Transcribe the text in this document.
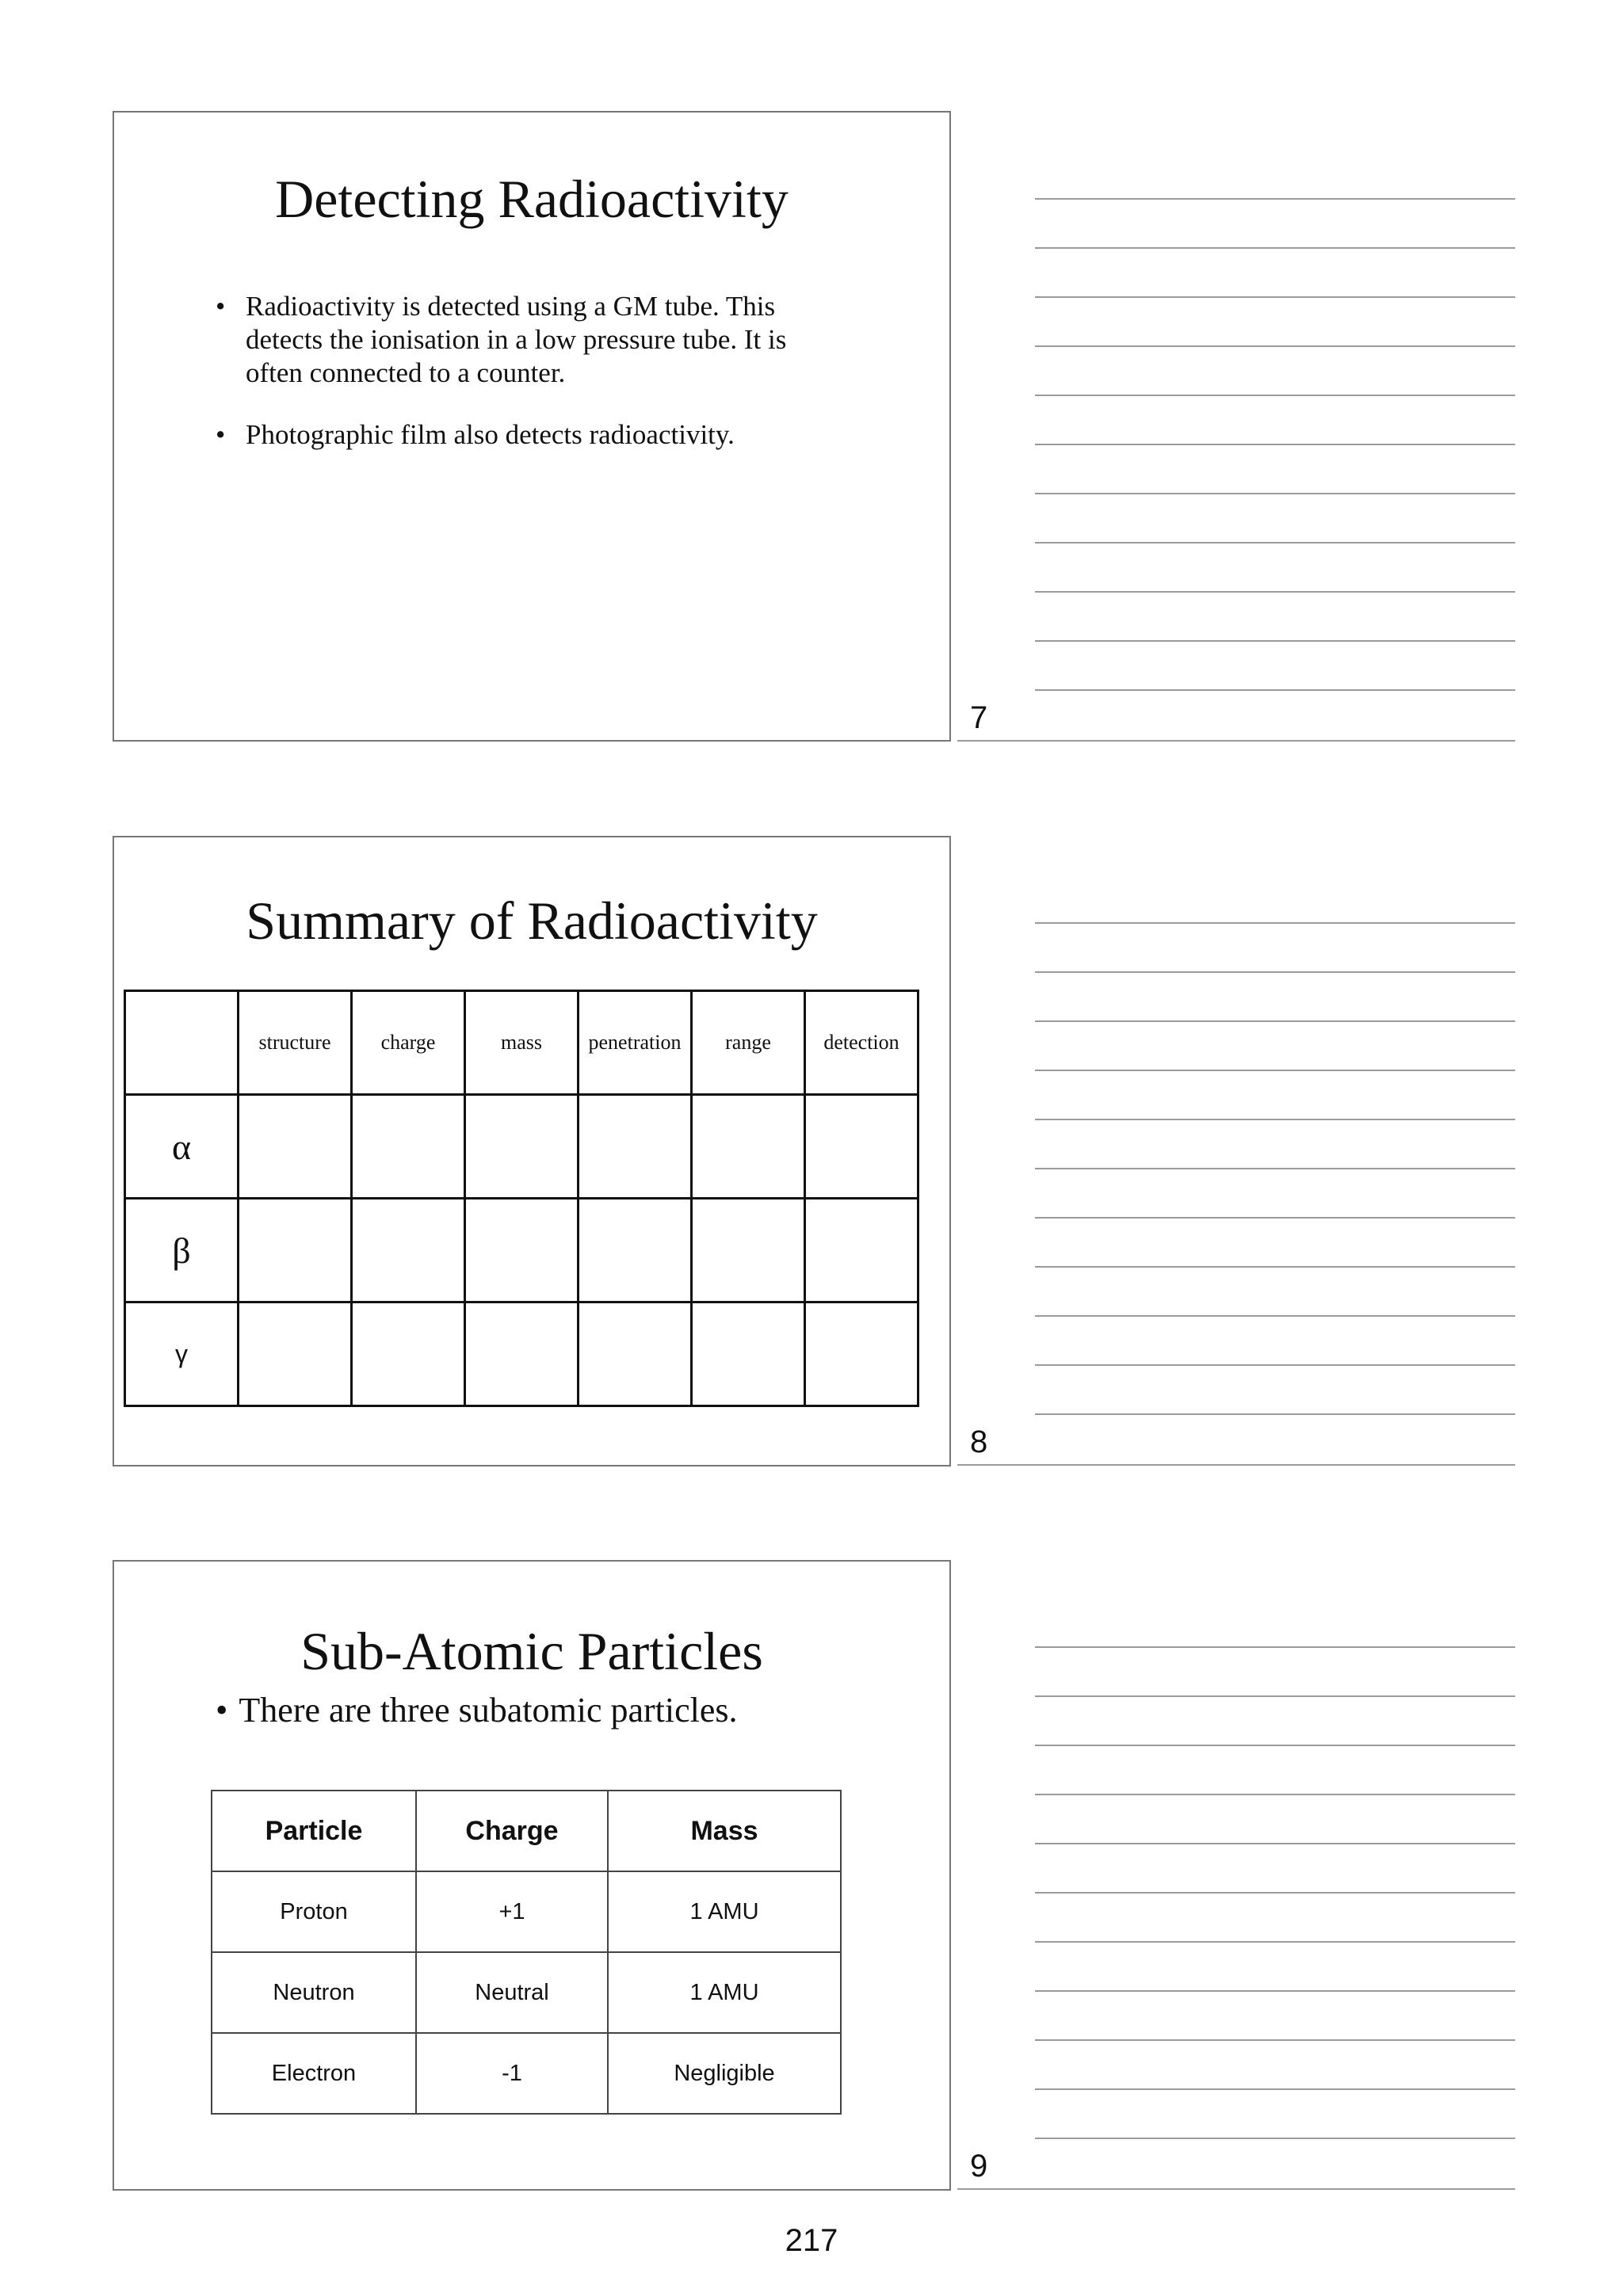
Detecting Radioactivity
• Radioactivity is detected using a GM tube. This detects the ionisation in a low pressure tube. It is often connected to a counter.
• Photographic film also detects radioactivity.
7
Summary of Radioactivity
	structure	charge	mass	penetration	range	detection
α						
β						
γ						
8
Sub-Atomic Particles
• There are three subatomic particles.
Particle	Charge	Mass
Proton	+1	1 AMU
Neutron	Neutral	1 AMU
Electron	-1	Negligible
9
217
